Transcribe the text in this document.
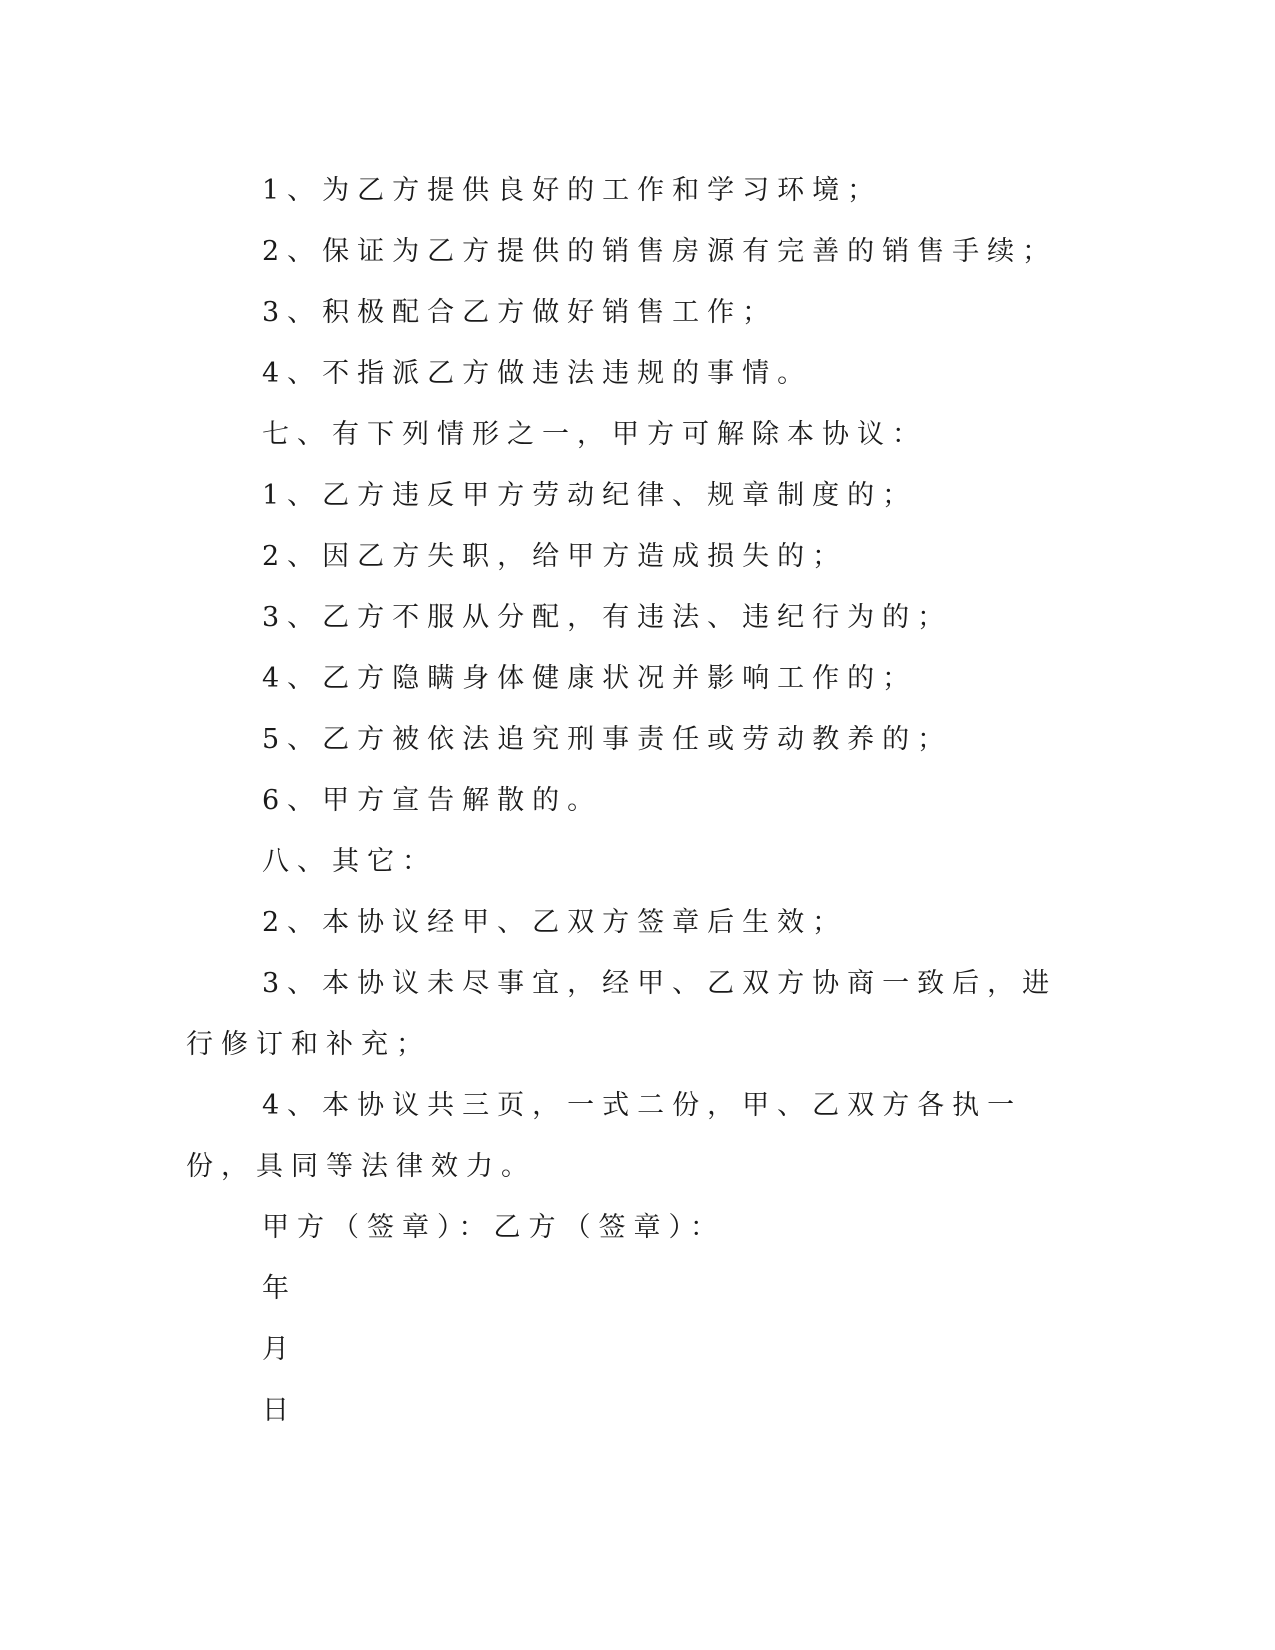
1、为乙方提供良好的工作和学习环境；

2、保证为乙方提供的销售房源有完善的销售手续；

3、积极配合乙方做好销售工作；

4、不指派乙方做违法违规的事情。

七、有下列情形之一，甲方可解除本协议：

1、乙方违反甲方劳动纪律、规章制度的；

2、因乙方失职，给甲方造成损失的；

3、乙方不服从分配，有违法、违纪行为的；

4、乙方隐瞒身体健康状况并影响工作的；

5、乙方被依法追究刑事责任或劳动教养的；

6、甲方宣告解散的。

八、其它：

2、本协议经甲、乙双方签章后生效；

3、本协议未尽事宜，经甲、乙双方协商一致后，进行修订和补充；

4、本协议共三页，一式二份，甲、乙双方各执一份，具同等法律效力。

甲方（签章）：乙方（签章）：

年

月

日
